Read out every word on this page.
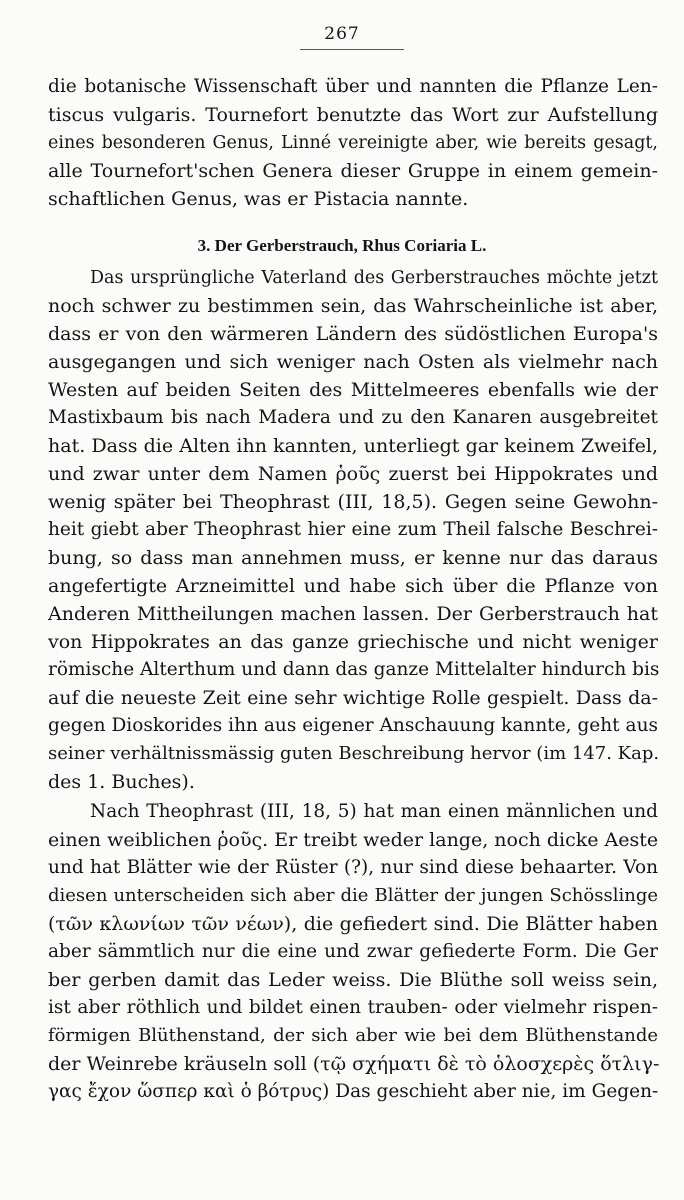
267
die botanische Wissenschaft über und nannten die Pflanze Len-
tiscus vulgaris. Tournefort benutzte das Wort zur Aufstellung
eines besonderen Genus, Linné vereinigte aber, wie bereits gesagt,
alle Tournefort'schen Genera dieser Gruppe in einem gemein-
schaftlichen Genus, was er Pistacia nannte.
3. Der Gerberstrauch, Rhus Coriaria L.
Das ursprüngliche Vaterland des Gerberstrauches möchte jetzt
noch schwer zu bestimmen sein, das Wahrscheinliche ist aber,
dass er von den wärmeren Ländern des südöstlichen Europa's
ausgegangen und sich weniger nach Osten als vielmehr nach
Westen auf beiden Seiten des Mittelmeeres ebenfalls wie der
Mastixbaum bis nach Madera und zu den Kanaren ausgebreitet
hat. Dass die Alten ihn kannten, unterliegt gar keinem Zweifel,
und zwar unter dem Namen ῥοῦς zuerst bei Hippokrates und
wenig später bei Theophrast (III, 18,5). Gegen seine Gewohn-
heit giebt aber Theophrast hier eine zum Theil falsche Beschrei-
bung, so dass man annehmen muss, er kenne nur das daraus
angefertigte Arzneimittel und habe sich über die Pflanze von
Anderen Mittheilungen machen lassen. Der Gerberstrauch hat
von Hippokrates an das ganze griechische und nicht weniger
römische Alterthum und dann das ganze Mittelalter hindurch bis
auf die neueste Zeit eine sehr wichtige Rolle gespielt. Dass da-
gegen Dioskorides ihn aus eigener Anschauung kannte, geht aus
seiner verhältnissmässig guten Beschreibung hervor (im 147. Kap.
des 1. Buches).
Nach Theophrast (III, 18, 5) hat man einen männlichen und
einen weiblichen ῥοῦς. Er treibt weder lange, noch dicke Aeste
und hat Blätter wie der Rüster (?), nur sind diese behaarter. Von
diesen unterscheiden sich aber die Blätter der jungen Schösslinge
(τῶν κλωνίων τῶν νέων), die gefiedert sind. Die Blätter haben
aber sämmtlich nur die eine und zwar gefiederte Form. Die Ger
ber gerben damit das Leder weiss. Die Blüthe soll weiss sein,
ist aber röthlich und bildet einen trauben- oder vielmehr rispen-
förmigen Blüthenstand, der sich aber wie bei dem Blüthenstande
der Weinrebe kräuseln soll (τῷ σχήματι δὲ τὸ ὁλοσχερὲς ὅτλιγ-
γας ἔχον ὥσπερ καὶ ὁ βότρυς) Das geschieht aber nie, im Gegen-
